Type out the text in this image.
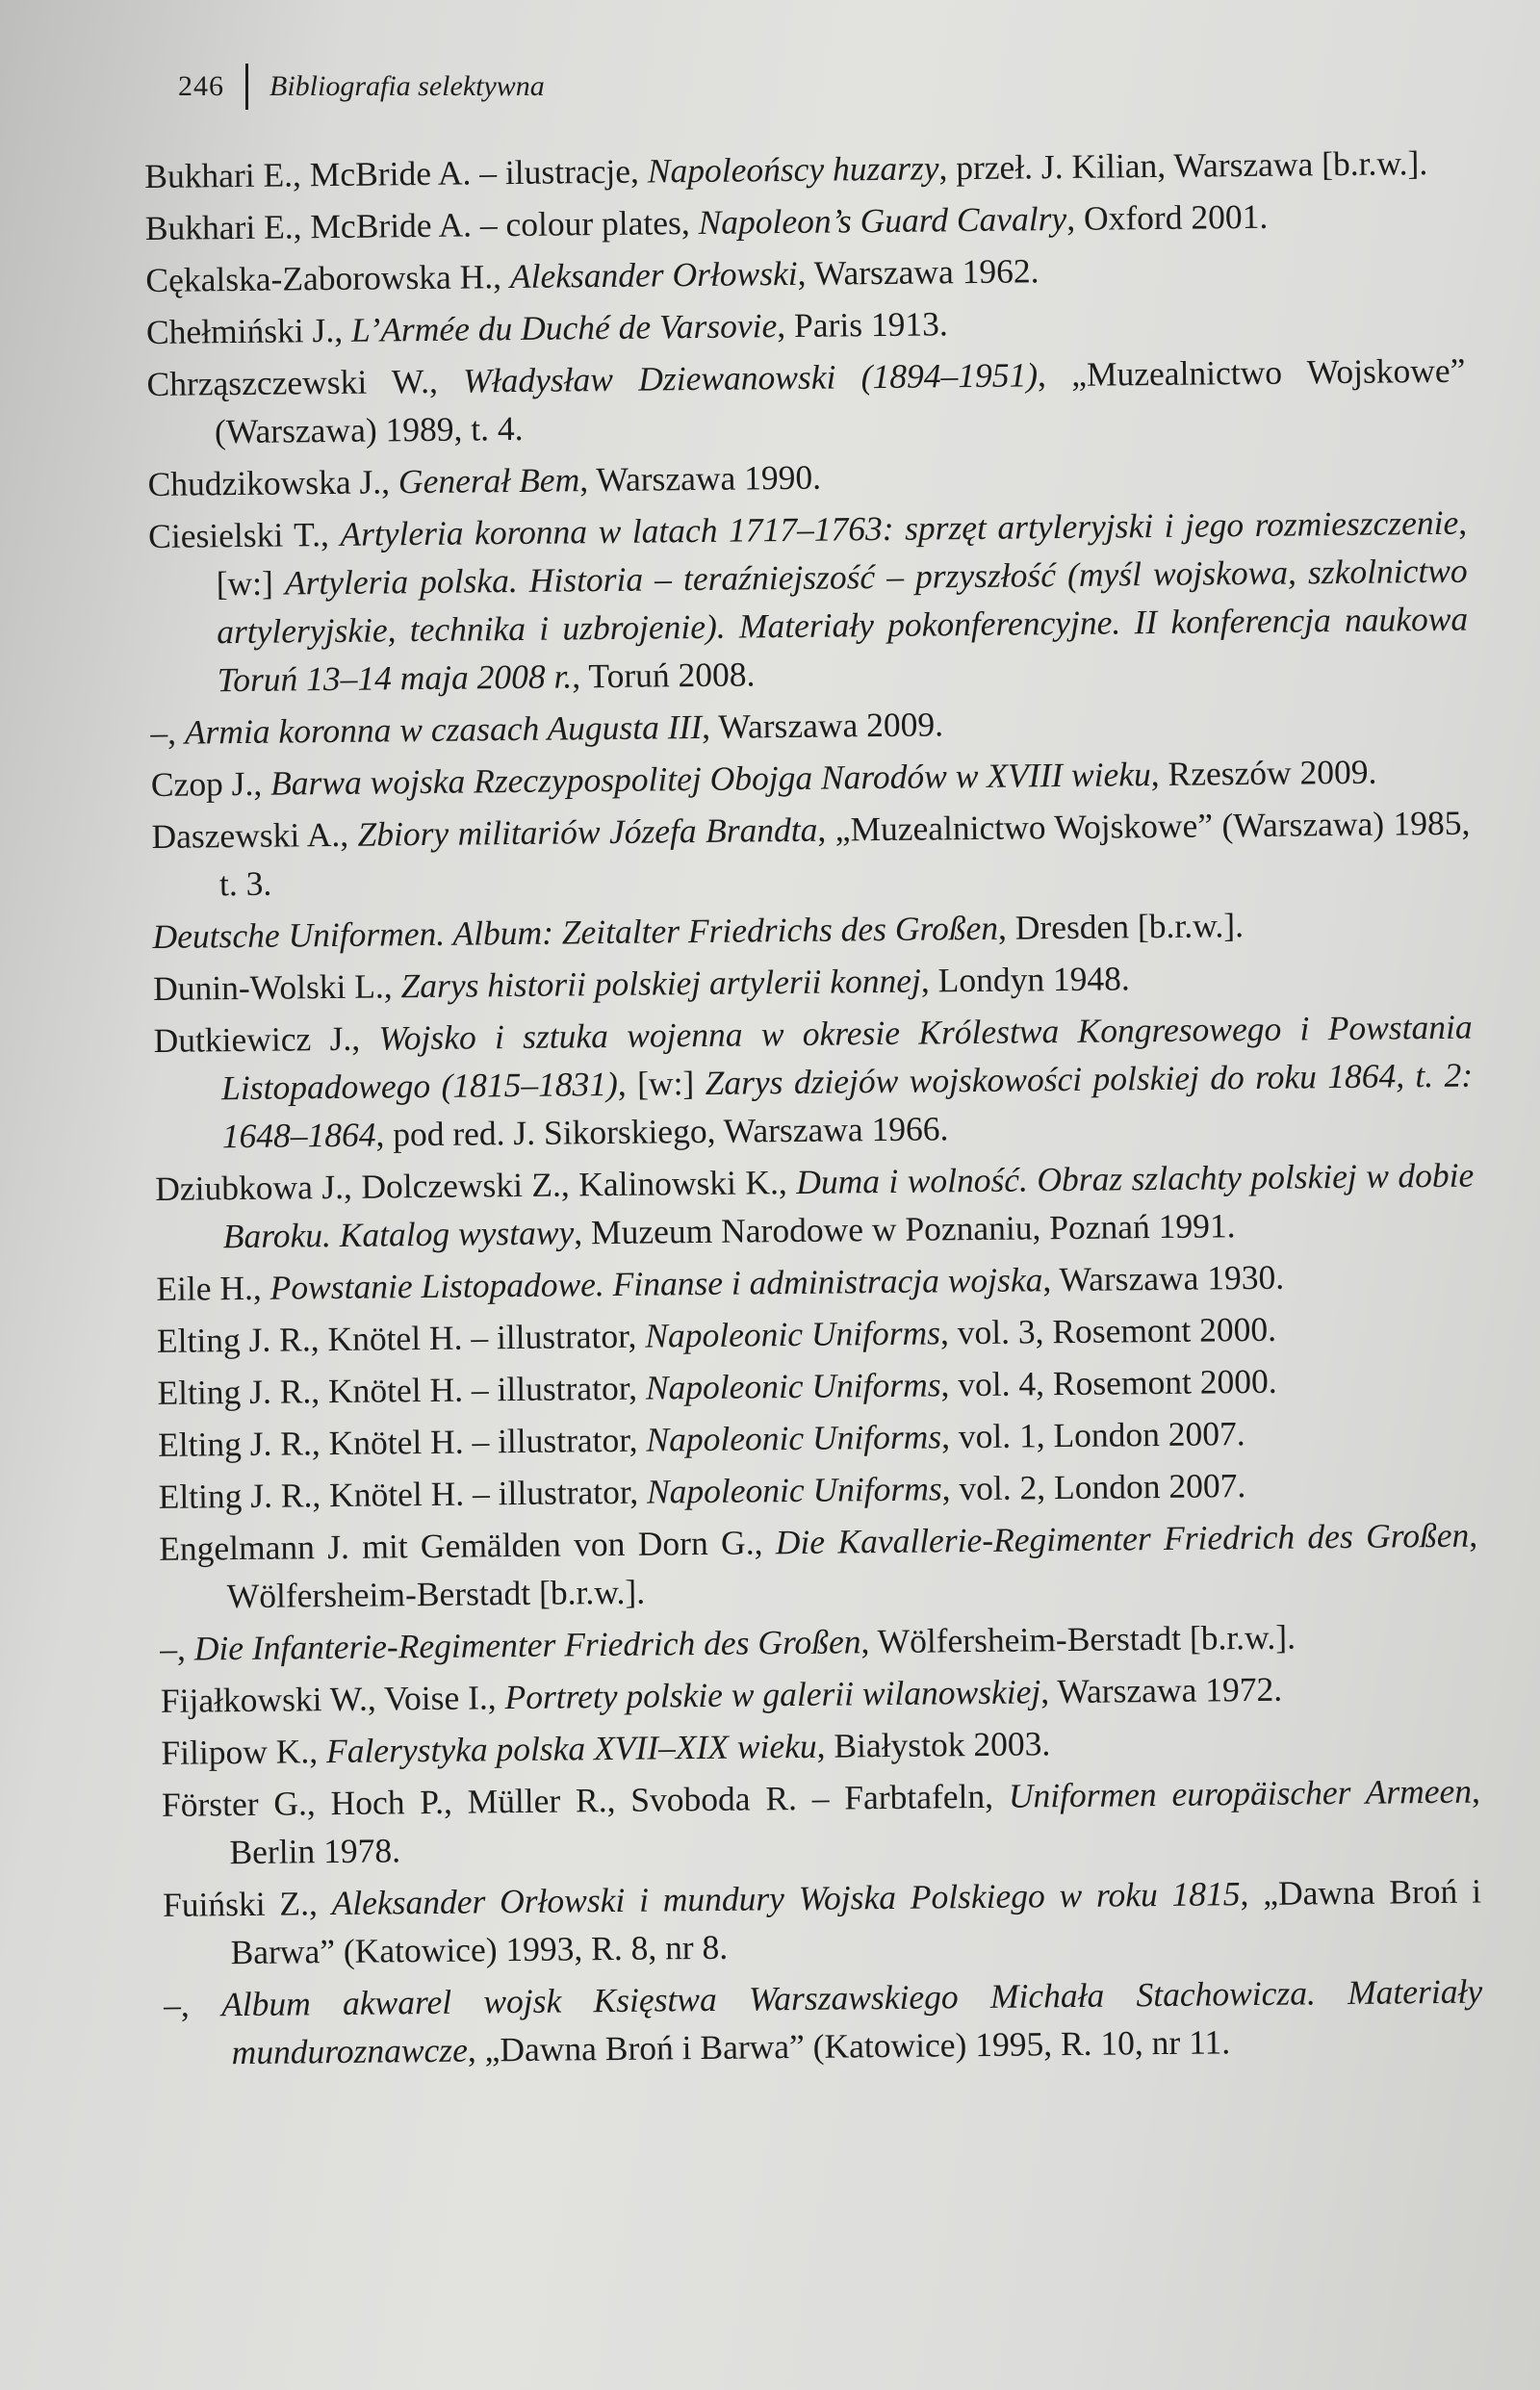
246 Bibliografia selektywna
Bukhari E., McBride A. – ilustracje, Napoleońscy huzarzy, przeł. J. Kilian, Warszawa [b.r.w.].
Bukhari E., McBride A. – colour plates, Napoleon’s Guard Cavalry, Oxford 2001.
Cękalska-Zaborowska H., Aleksander Orłowski, Warszawa 1962.
Chełmiński J., L’Armée du Duché de Varsovie, Paris 1913.
Chrząszczewski W., Władysław Dziewanowski (1894–1951), „Muzealnictwo Wojskowe” (Warszawa) 1989, t. 4.
Chudzikowska J., Generał Bem, Warszawa 1990.
Ciesielski T., Artyleria koronna w latach 1717–1763: sprzęt artyleryjski i jego rozmieszczenie, [w:] Artyleria polska. Historia – teraźniejszość – przyszłość (myśl wojskowa, szkolnictwo artyleryjskie, technika i uzbrojenie). Materiały pokonferencyjne. II konferencja naukowa Toruń 13–14 maja 2008 r., Toruń 2008.
–, Armia koronna w czasach Augusta III, Warszawa 2009.
Czop J., Barwa wojska Rzeczypospolitej Obojga Narodów w XVIII wieku, Rzeszów 2009.
Daszewski A., Zbiory militariów Józefa Brandta, „Muzealnictwo Wojskowe” (Warszawa) 1985, t. 3.
Deutsche Uniformen. Album: Zeitalter Friedrichs des Großen, Dresden [b.r.w.].
Dunin-Wolski L., Zarys historii polskiej artylerii konnej, Londyn 1948.
Dutkiewicz J., Wojsko i sztuka wojenna w okresie Królestwa Kongresowego i Powstania Listopadowego (1815–1831), [w:] Zarys dziejów wojskowości polskiej do roku 1864, t. 2: 1648–1864, pod red. J. Sikorskiego, Warszawa 1966.
Dziubkowa J., Dolczewski Z., Kalinowski K., Duma i wolność. Obraz szlachty polskiej w dobie Baroku. Katalog wystawy, Muzeum Narodowe w Poznaniu, Poznań 1991.
Eile H., Powstanie Listopadowe. Finanse i administracja wojska, Warszawa 1930.
Elting J. R., Knötel H. – illustrator, Napoleonic Uniforms, vol. 3, Rosemont 2000.
Elting J. R., Knötel H. – illustrator, Napoleonic Uniforms, vol. 4, Rosemont 2000.
Elting J. R., Knötel H. – illustrator, Napoleonic Uniforms, vol. 1, London 2007.
Elting J. R., Knötel H. – illustrator, Napoleonic Uniforms, vol. 2, London 2007.
Engelmann J. mit Gemälden von Dorn G., Die Kavallerie-Regimenter Friedrich des Großen, Wölfersheim-Berstadt [b.r.w.].
–, Die Infanterie-Regimenter Friedrich des Großen, Wölfersheim-Berstadt [b.r.w.].
Fijałkowski W., Voise I., Portrety polskie w galerii wilanowskiej, Warszawa 1972.
Filipow K., Falerystyka polska XVII–XIX wieku, Białystok 2003.
Förster G., Hoch P., Müller R., Svoboda R. – Farbtafeln, Uniformen europäischer Armeen, Berlin 1978.
Fuiński Z., Aleksander Orłowski i mundury Wojska Polskiego w roku 1815, „Dawna Broń i Barwa” (Katowice) 1993, R. 8, nr 8.
–, Album akwarel wojsk Księstwa Warszawskiego Michała Stachowicza. Materiały munduroznawcze, „Dawna Broń i Barwa” (Katowice) 1995, R. 10, nr 11.
